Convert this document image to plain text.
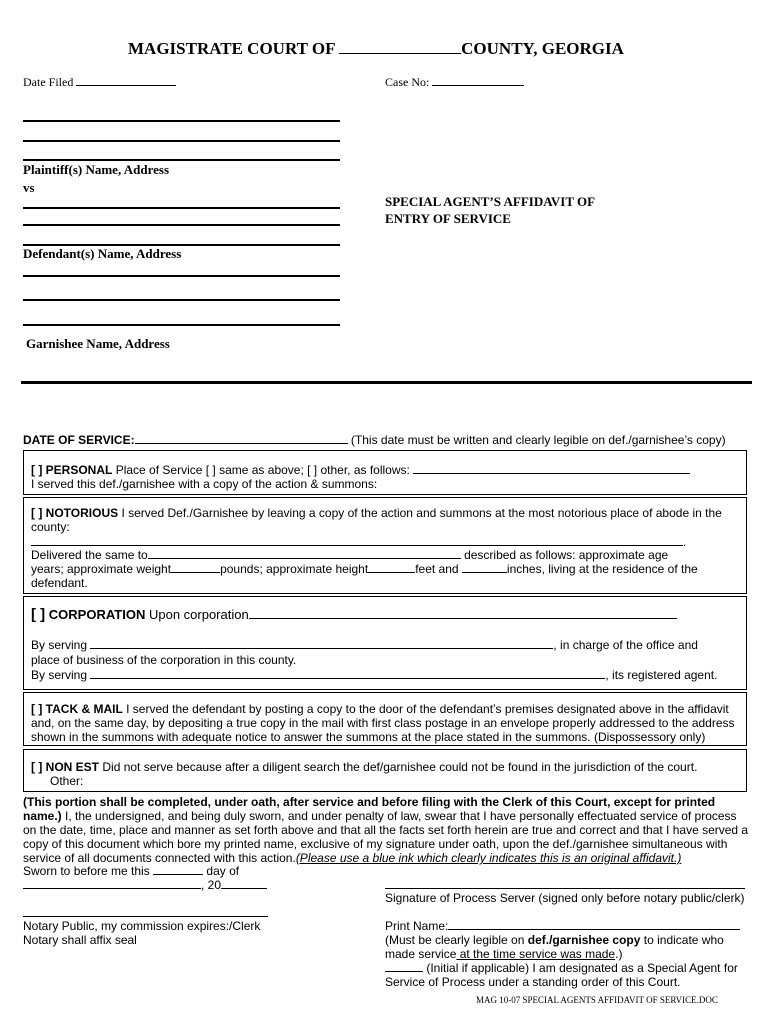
MAGISTRATE COURT OF	COUNTY, GEORGIA
Date Filed	Case No:
Plaintiff(s) Name, Address
vs
Defendant(s) Name, Address
Garnishee Name, Address
SPECIAL AGENT’S AFFIDAVIT OF
ENTRY OF SERVICE
DATE OF SERVICE:	(This date must be written and clearly legible on def./garnishee’s copy)
[ ] PERSONAL Place of Service [ ] same as above; [ ] other, as follows:
I served this def./garnishee with a copy of the action & summons:
[ ] NOTORIOUS I served Def./Garnishee by leaving a copy of the action and summons at the most notorious place of abode in the
county:
.
Delivered the same to	described as follows: approximate age
years; approximate weight	pounds; approximate height	feet and	inches, living at the residence of the
defendant.
[ ] CORPORATION Upon corporation
By serving	, in charge of the office and
place of business of the corporation in this county.
By serving	, its registered agent.
[ ] TACK & MAIL I served the defendant by posting a copy to the door of the defendant’s premises designated above in the affidavit
and, on the same day, by depositing a true copy in the mail with first class postage in an envelope properly addressed to the address
shown in the summons with adequate notice to answer the summons at the place stated in the summons. (Dispossessory only)
[ ] NON EST Did not serve because after a diligent search the def/garnishee could not be found in the jurisdiction of the court.
Other:
(This portion shall be completed, under oath, after service and before filing with the Clerk of this Court, except for printed
name.) I, the undersigned, and being duly sworn, and under penalty of law, swear that I have personally effectuated service of process
on the date, time, place and manner as set forth above and that all the facts set forth herein are true and correct and that I have served a
copy of this document which bore my printed name, exclusive of my signature under oath, upon the def./garnishee simultaneous with
service of all documents connected with this action.(Please use a blue ink which clearly indicates this is an original affidavit.)
Sworn to before me this	day of
, 20
Notary Public, my commission expires:/Clerk
Notary shall affix seal
Signature of Process Server (signed only before notary public/clerk)
Print Name:
(Must be clearly legible on def./garnishee copy to indicate who
made service at the time service was made.)
(Initial if applicable) I am designated as a Special Agent for
Service of Process under a standing order of this Court.
MAG 10-07 SPECIAL AGENTS AFFIDAVIT OF SERVICE.DOC
